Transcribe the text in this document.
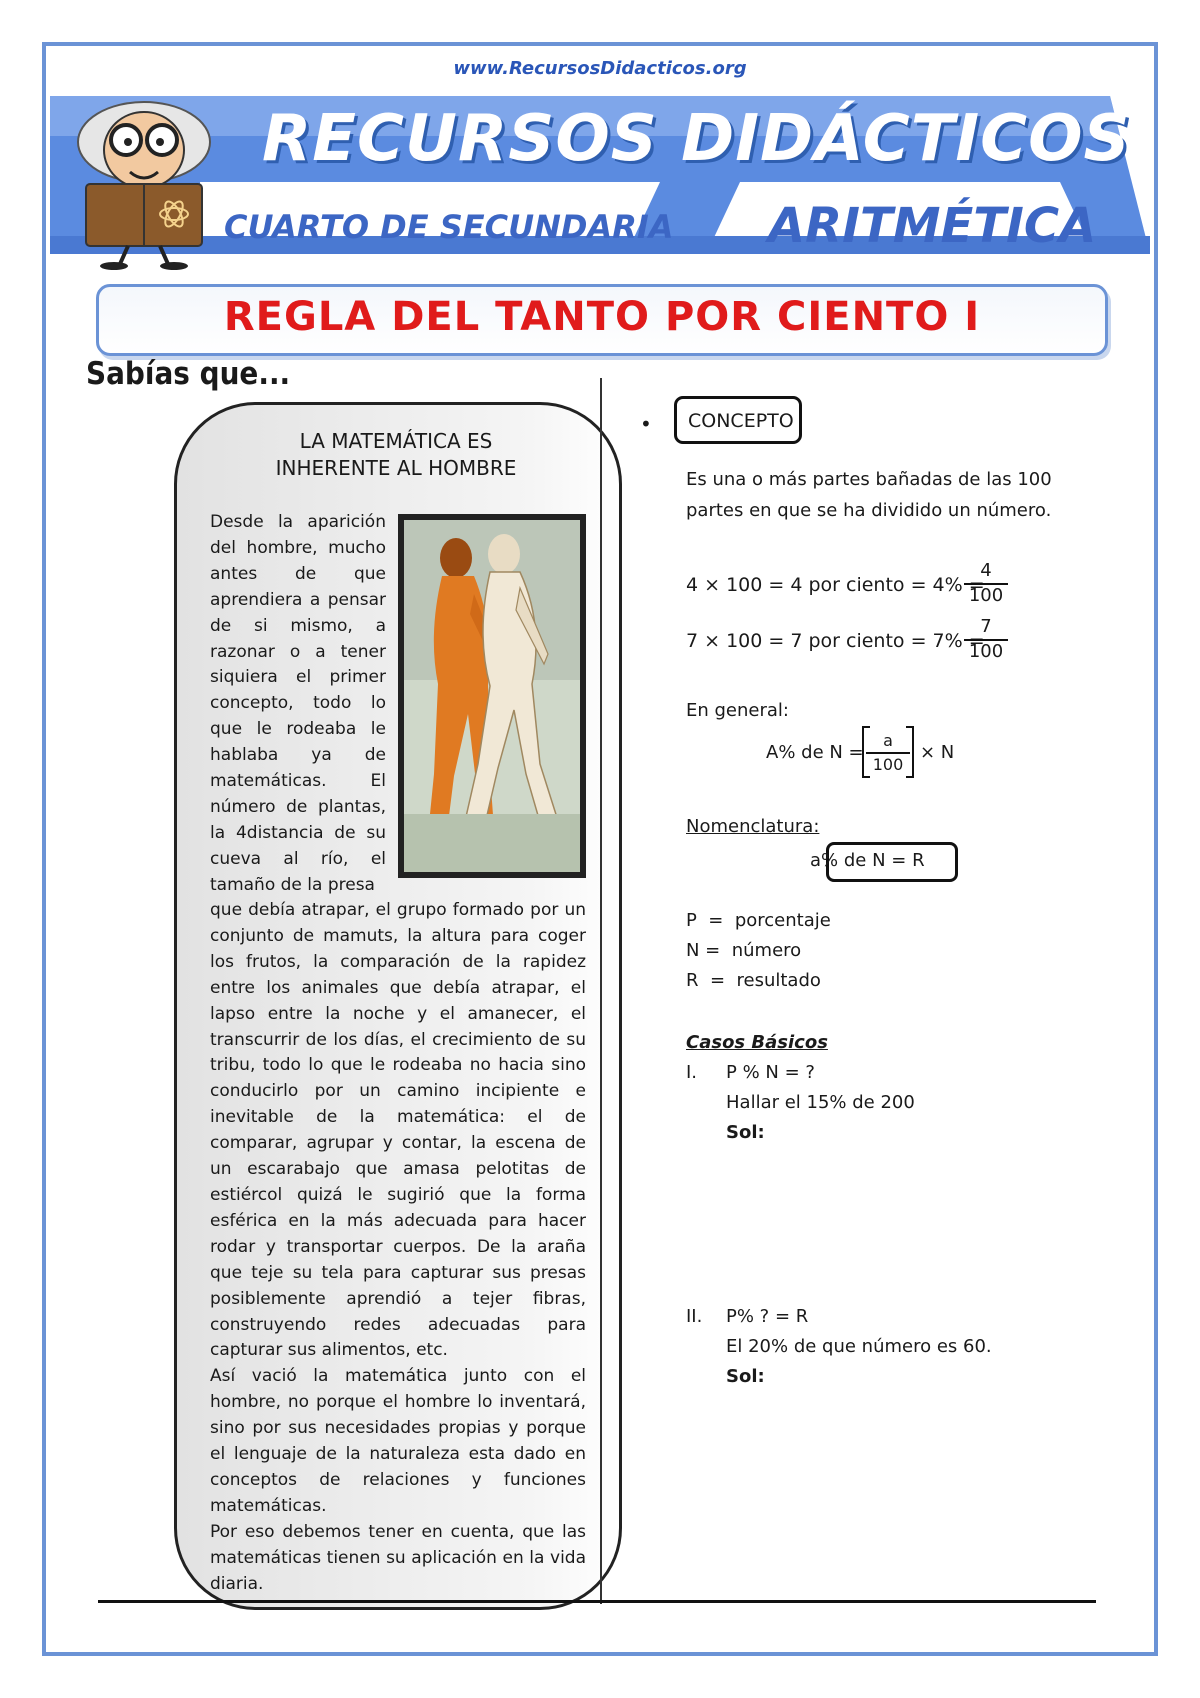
www.RecursosDidacticos.org
RECURSOS DIDÁCTICOS
CUARTO DE SECUNDARIA ARITMÉTICA
REGLA DEL TANTO POR CIENTO I
Sabías que...
LA MATEMÁTICA ES
INHERENTE AL HOMBRE
Desde la aparición
del hombre, mucho
antes de que
aprendiera a pensar
de si mismo, a
razonar o a tener
siquiera el primer
concepto, todo lo
que le rodeaba le
hablaba ya de
matemáticas. El
número de plantas,
la 4distancia de su
cueva al río, el
tamaño de la presa
que debía atrapar, el grupo formado por un conjunto de mamuts, la altura para coger los frutos, la comparación de la rapidez entre los animales que debía atrapar, el lapso entre la noche y el amanecer, el transcurrir de los días, el crecimiento de su tribu, todo lo que le rodeaba no hacia sino conducirlo por un camino incipiente e inevitable de la matemática: el de comparar, agrupar y contar, la escena de un escarabajo que amasa pelotitas de estiércol quizá le sugirió que la forma esférica en la más adecuada para hacer rodar y transportar cuerpos. De la araña que teje su tela para capturar sus presas posiblemente aprendió a tejer fibras, construyendo redes adecuadas para capturar sus alimentos, etc.
Así vació la matemática junto con el hombre, no porque el hombre lo inventará, sino por sus necesidades propias y porque el lenguaje de la naturaleza esta dado en conceptos de relaciones y funciones matemáticas.
Por eso debemos tener en cuenta, que las matemáticas tienen su aplicación en la vida diaria.
• CONCEPTO
Es una o más partes bañadas de las 100 partes en que se ha dividido un número.
4 × 100 = 4 por ciento = 4% =
$\frac{4}{100}$
7 × 100 = 7 por ciento = 7% =
$\frac{7}{100}$
En general:
A% de $N = \frac{a}{100} \times N$
Nomenclatura:
a% de N = R
P  = porcentaje
N = número
R  = resultado
Casos Básicos
I. P % N = ?
Hallar el 15% de 200
Sol:
II. P% ? = R
El 20% de que número es 60.
Sol:
